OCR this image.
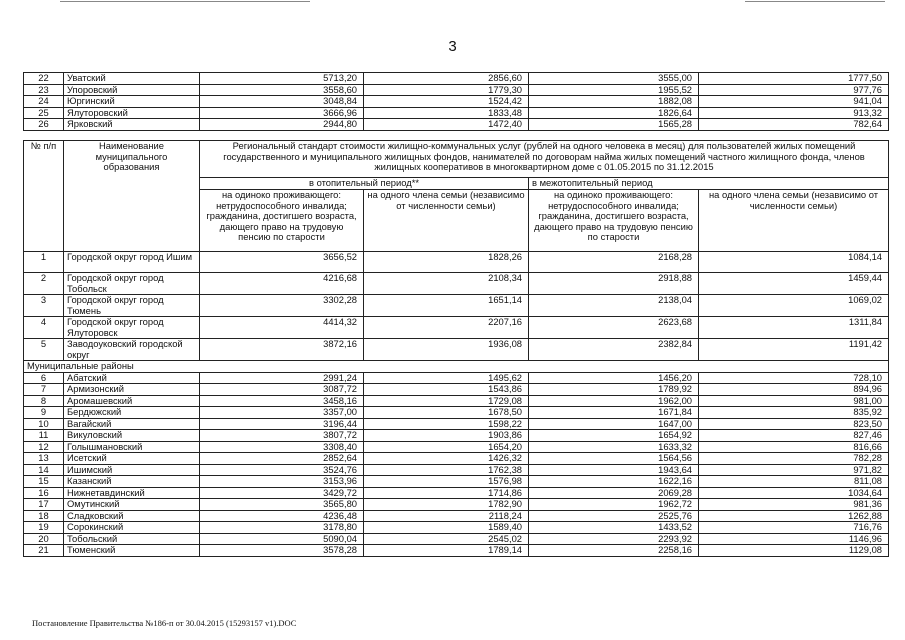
3
22	Уватский	5713,20	2856,60	3555,00	1777,50
23	Упоровский	3558,60	1779,30	1955,52	977,76
24	Юргинский	3048,84	1524,42	1882,08	941,04
25	Ялуторовский	3666,96	1833,48	1826,64	913,32
26	Ярковский	2944,80	1472,40	1565,28	782,64
№ п/п	Наименование муниципального образования	Региональный стандарт стоимости жилищно-коммунальных услуг (рублей на одного человека в месяц) для пользователей жилых помещений государственного и муниципального жилищных фондов, нанимателей по договорам найма жилых помещений частного жилищного фонда, членов жилищных кооперативов в многоквартирном доме с 01.05.2015 по 31.12.2015			
		в отопительный период**		в межотопительный период	
		на одиноко проживающего: нетрудоспособного инвалида; гражданина, достигшего возраста, дающего право на трудовую пенсию по старости	на одного члена семьи (независимо от численности семьи)	на одиноко проживающего: нетрудоспособного инвалида; гражданина, достигшего возраста, дающего право на трудовую пенсию по старости	на одного члена семьи (независимо от численности семьи)
1	Городской округ город Ишим	3656,52	1828,26	2168,28	1084,14
2	Городской округ город Тобольск	4216,68	2108,34	2918,88	1459,44
3	Городской округ город Тюмень	3302,28	1651,14	2138,04	1069,02
4	Городской округ город Ялуторовск	4414,32	2207,16	2623,68	1311,84
5	Заводоуковский городской округ	3872,16	1936,08	2382,84	1191,42
Муниципальные районы					
6	Абатский	2991,24	1495,62	1456,20	728,10
7	Армизонский	3087,72	1543,86	1789,92	894,96
8	Аромашевский	3458,16	1729,08	1962,00	981,00
9	Бердюжский	3357,00	1678,50	1671,84	835,92
10	Вагайский	3196,44	1598,22	1647,00	823,50
11	Викуловский	3807,72	1903,86	1654,92	827,46
12	Голышмановский	3308,40	1654,20	1633,32	816,66
13	Исетский	2852,64	1426,32	1564,56	782,28
14	Ишимский	3524,76	1762,38	1943,64	971,82
15	Казанский	3153,96	1576,98	1622,16	811,08
16	Нижнетавдинский	3429,72	1714,86	2069,28	1034,64
17	Омутинский	3565,80	1782,90	1962,72	981,36
18	Сладковский	4236,48	2118,24	2525,76	1262,88
19	Сорокинский	3178,80	1589,40	1433,52	716,76
20	Тобольский	5090,04	2545,02	2293,92	1146,96
21	Тюменский	3578,28	1789,14	2258,16	1129,08
Постановление Правительства №186-п от 30.04.2015 (15293157 v1).DOC
